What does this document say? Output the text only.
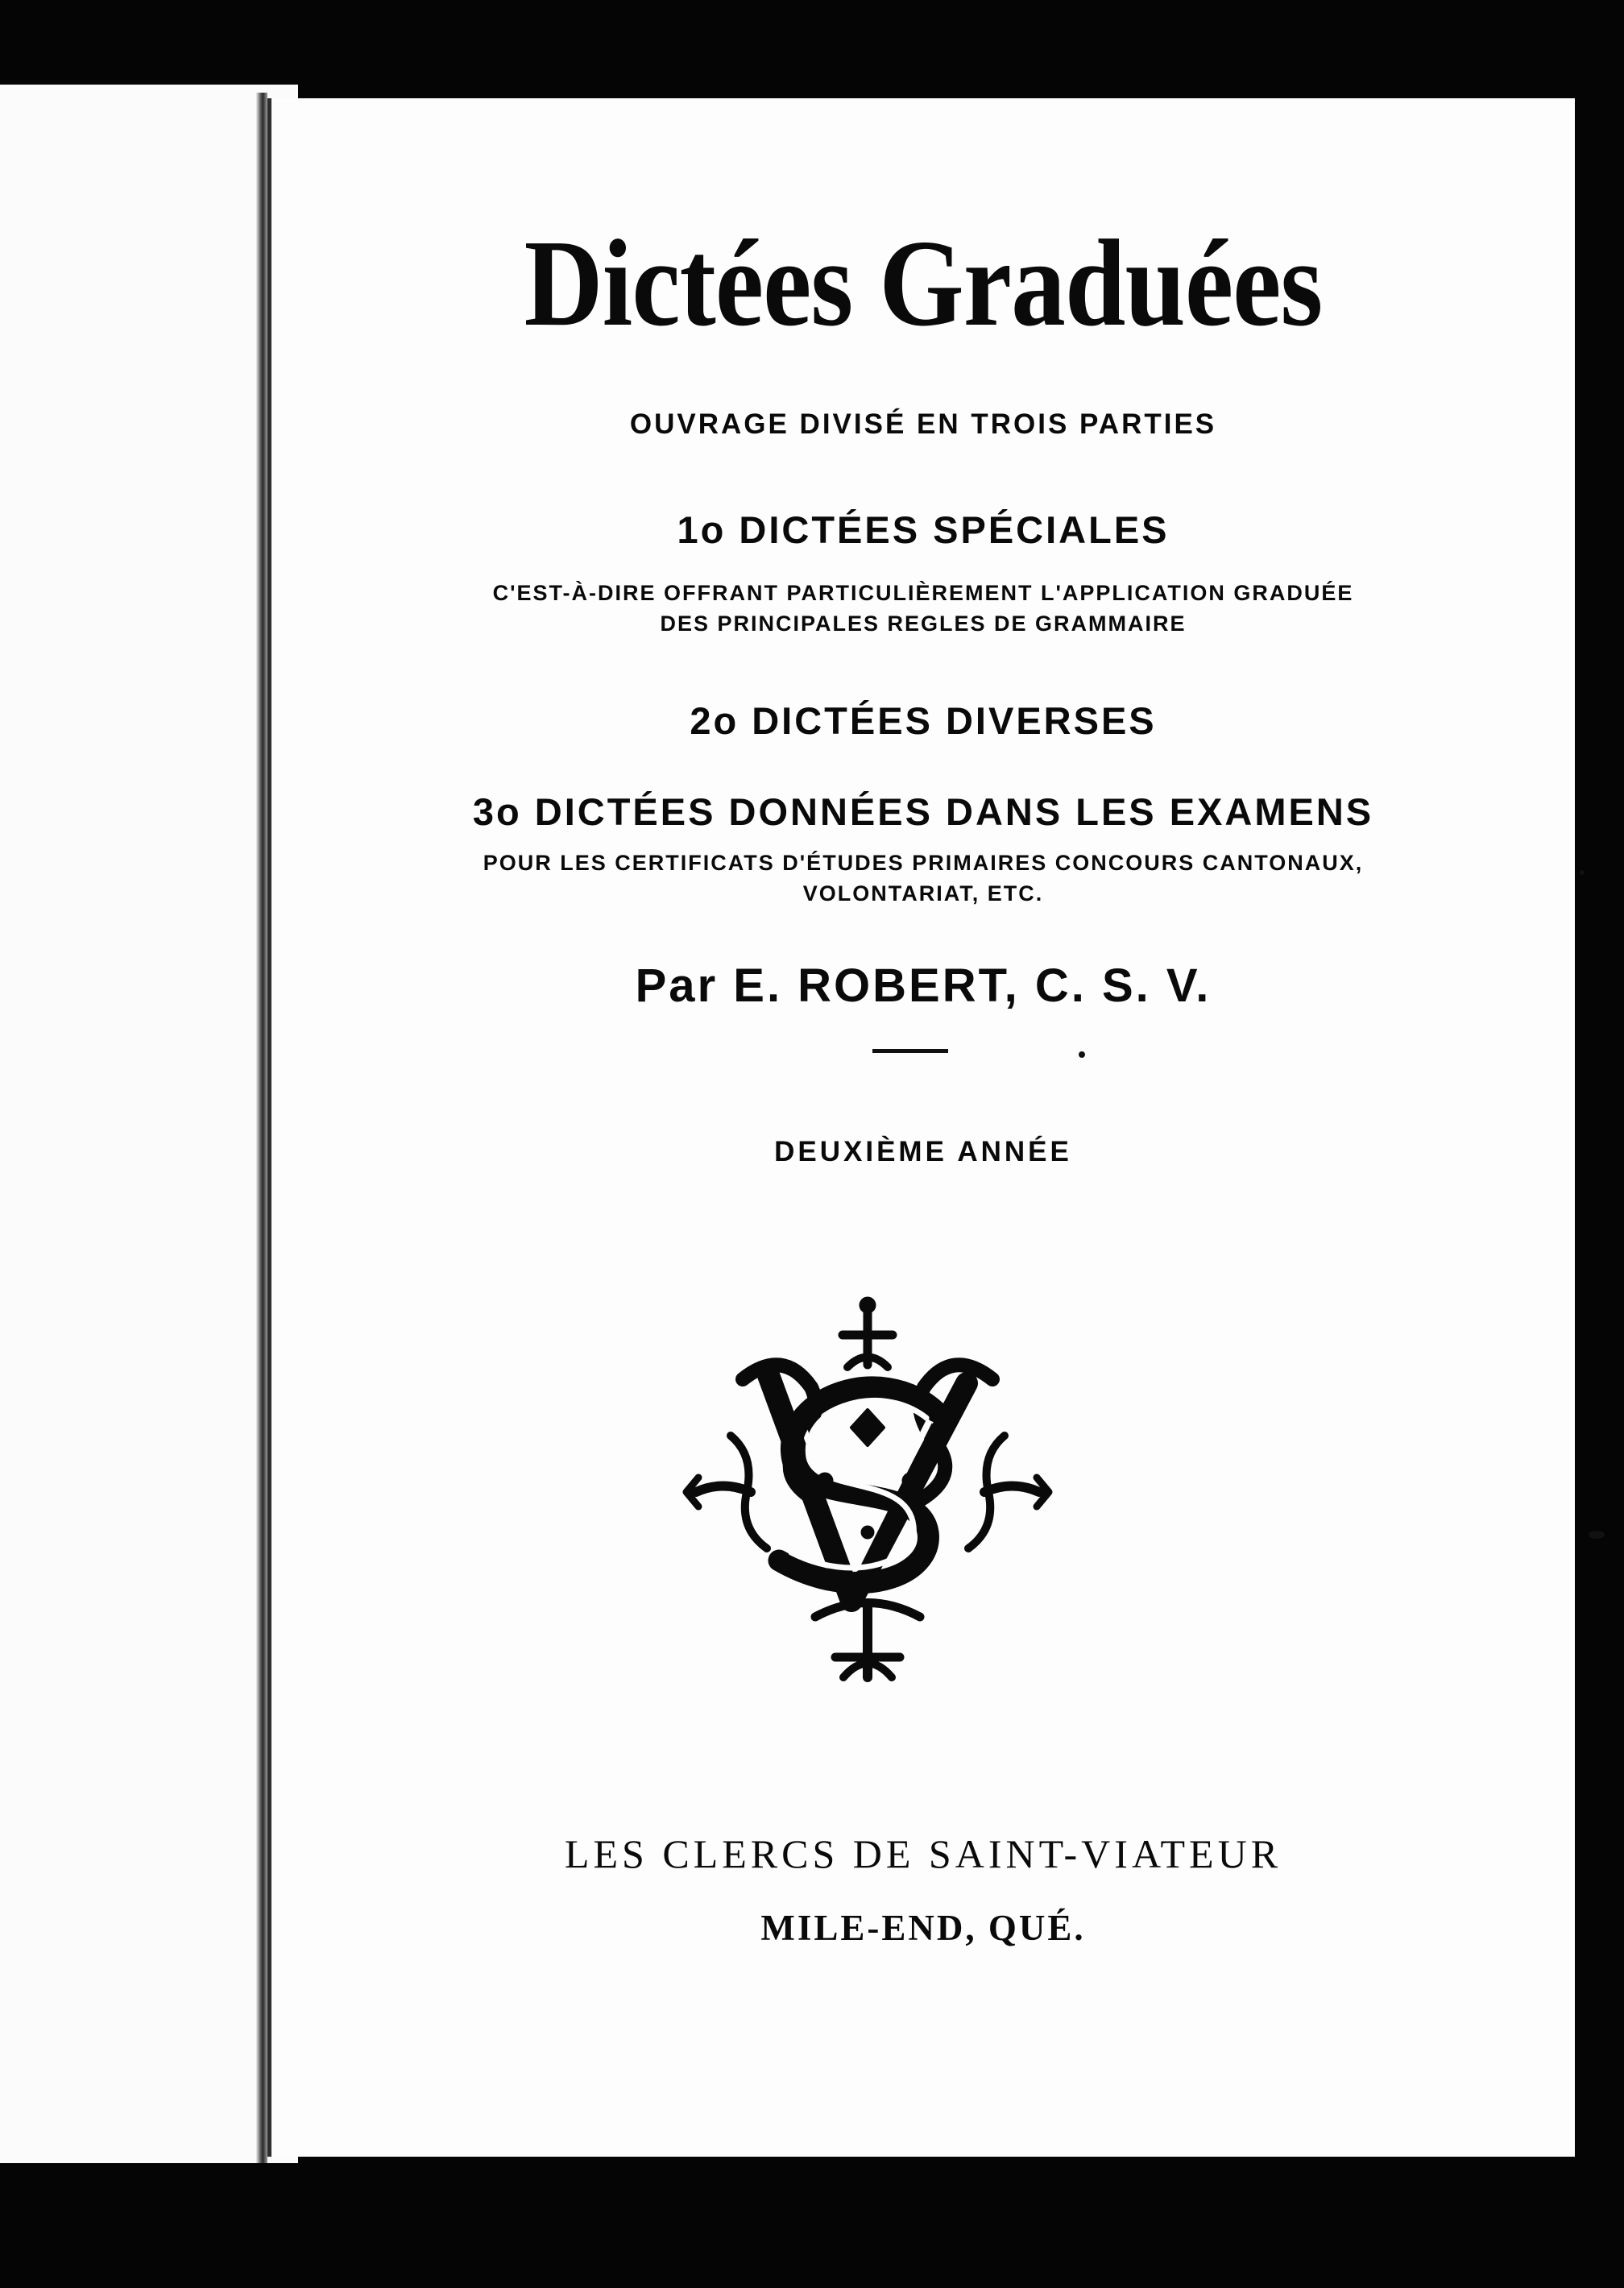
Dictées Graduées
OUVRAGE DIVISÉ EN TROIS PARTIES
1o DICTÉES SPÉCIALES
C'EST-À-DIRE OFFRANT PARTICULIÈREMENT L'APPLICATION GRADUÉE
DES PRINCIPALES REGLES DE GRAMMAIRE
2o DICTÉES DIVERSES
3o DICTÉES DONNÉES DANS LES EXAMENS
POUR LES CERTIFICATS D'ÉTUDES PRIMAIRES CONCOURS CANTONAUX,
VOLONTARIAT, ETC.
Par E. ROBERT, C. S. V.
DEUXIÈME ANNÉE
LES CLERCS DE SAINT-VIATEUR
MILE-END, QUÉ.
